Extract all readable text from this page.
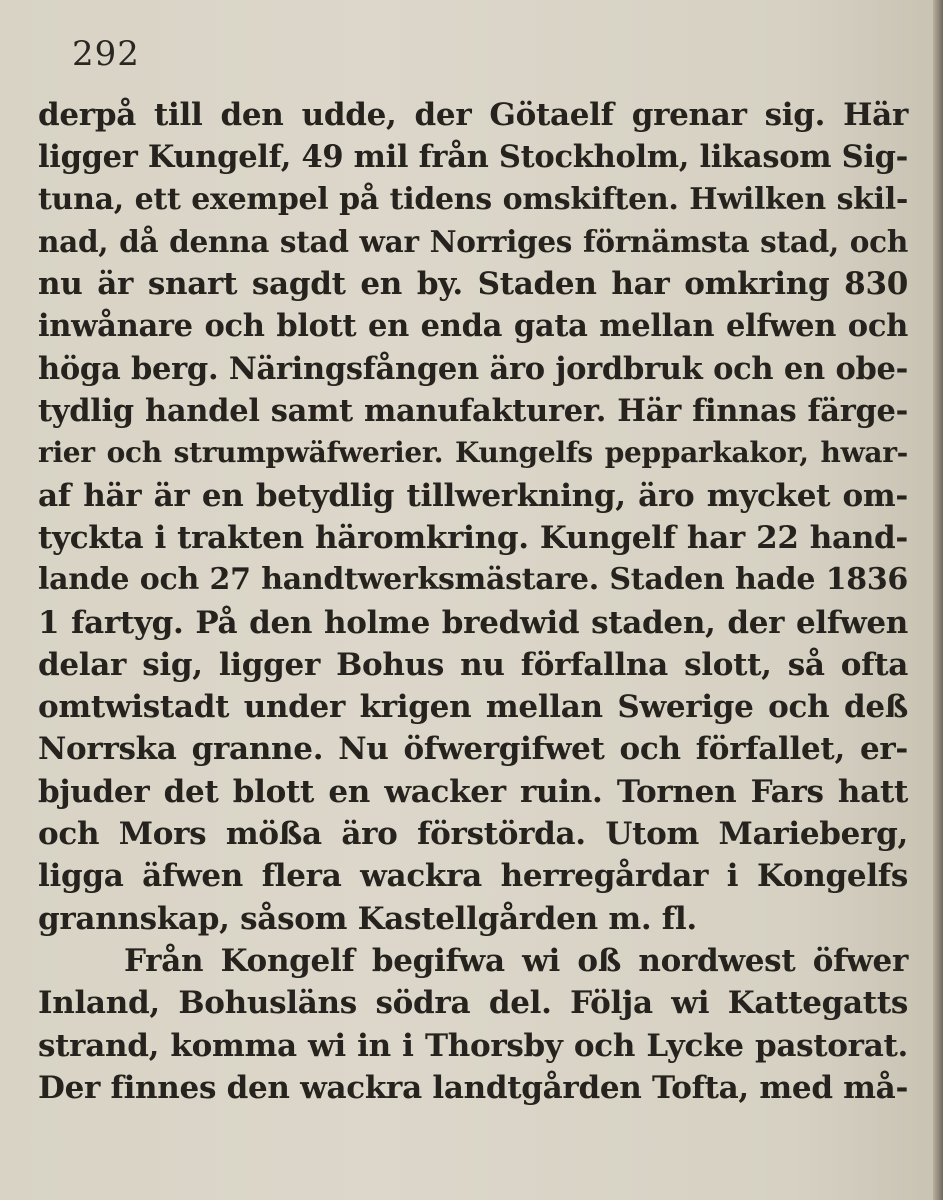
292
derpå till den udde, der Götaelf grenar sig. Här
ligger Kungelf, 49 mil från Stockholm, likasom Sig-
tuna, ett exempel på tidens omskiften. Hwilken skil-
nad, då denna stad war Norriges förnämsta stad, och
nu är snart sagdt en by. Staden har omkring 830
inwånare och blott en enda gata mellan elfwen och
höga berg. Näringsfången äro jordbruk och en obe-
tydlig handel samt manufakturer. Här finnas färge-
rier och strumpwäfwerier. Kungelfs pepparkakor, hwar-
af här är en betydlig tillwerkning, äro mycket om-
tyckta i trakten häromkring. Kungelf har 22 hand-
lande och 27 handtwerksmästare. Staden hade 1836
1 fartyg. På den holme bredwid staden, der elfwen
delar sig, ligger Bohus nu förfallna slott, så ofta
omtwistadt under krigen mellan Swerige och deß
Norrska granne. Nu öfwergifwet och förfallet, er-
bjuder det blott en wacker ruin. Tornen Fars hatt
och Mors mößa äro förstörda. Utom Marieberg,
ligga äfwen flera wackra herregårdar i Kongelfs
grannskap, såsom Kastellgården m. fl.
Från Kongelf begifwa wi oß nordwest öfwer
Inland, Bohusläns södra del. Följa wi Kattegatts
strand, komma wi in i Thorsby och Lycke pastorat.
Der finnes den wackra landtgården Tofta, med må-
